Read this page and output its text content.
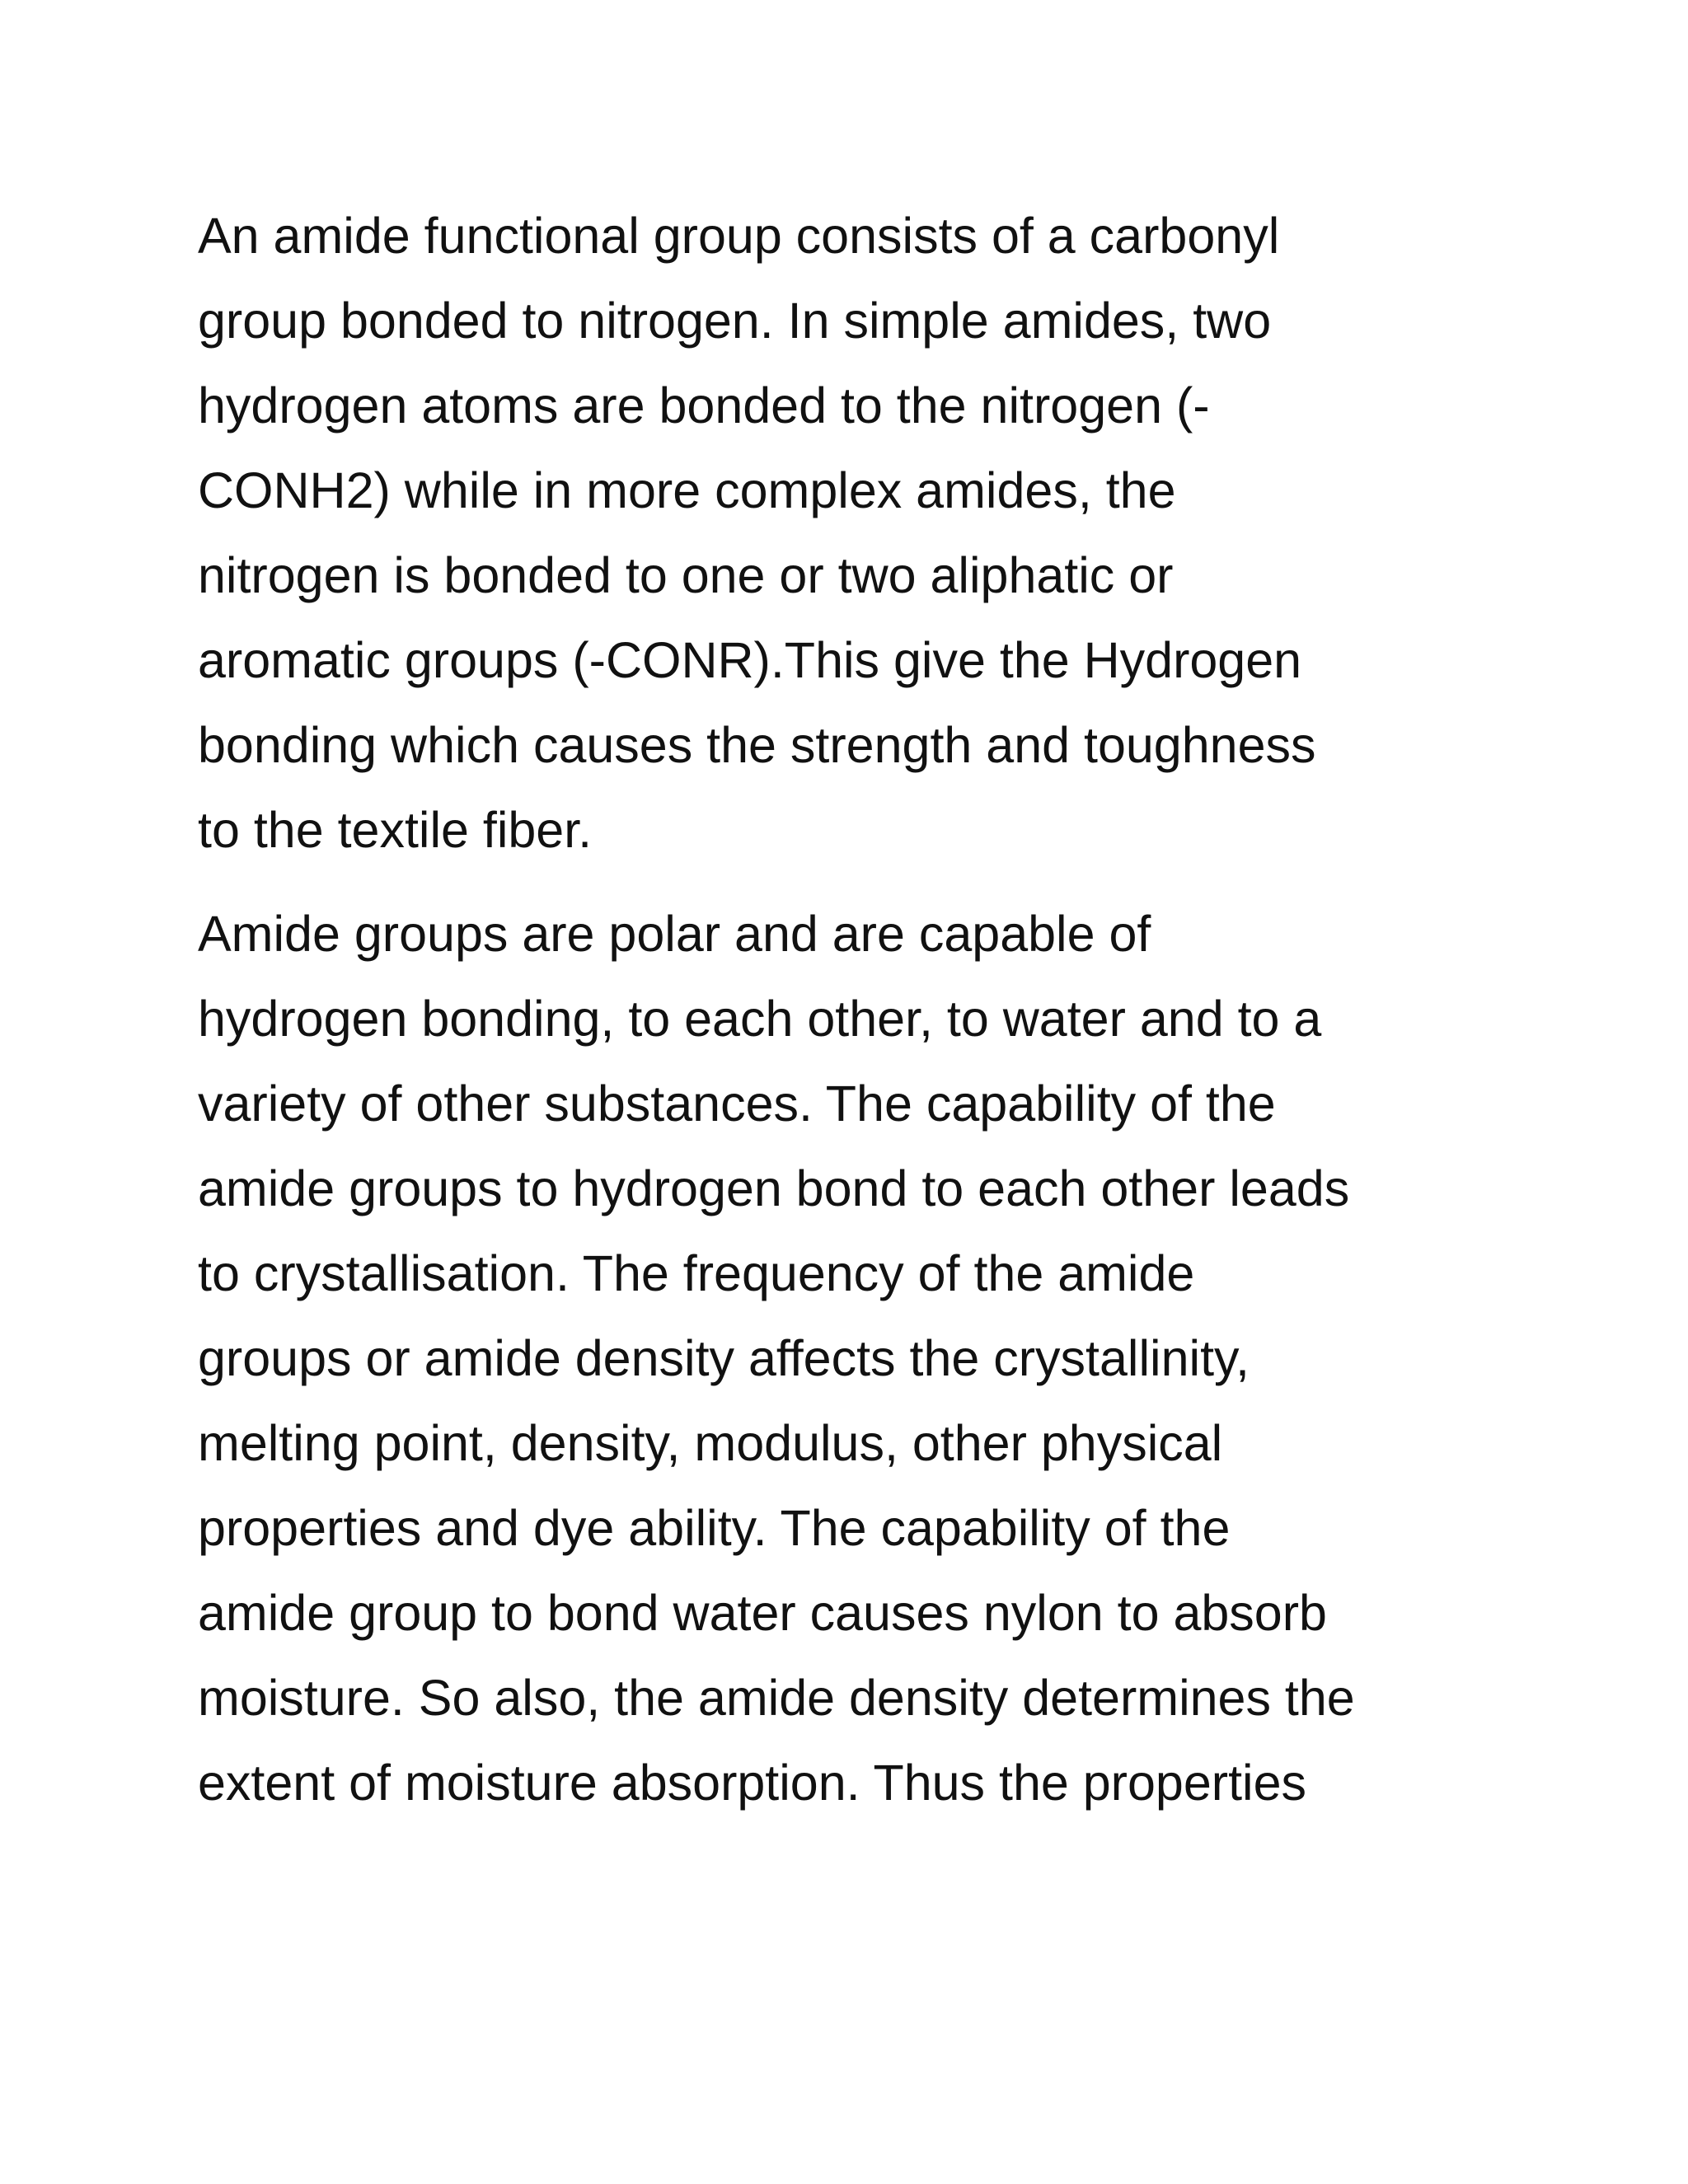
An amide functional group consists of a carbonyl
group bonded to nitrogen. In simple amides, two
hydrogen atoms are bonded to the nitrogen (-
CONH2) while in more complex amides, the
nitrogen is bonded to one or two aliphatic or
aromatic groups (-CONR).This give the Hydrogen
bonding which causes the strength and toughness
to the textile fiber.
Amide groups are polar and are capable of
hydrogen bonding, to each other, to water and to a
variety of other substances. The capability of the
amide groups to hydrogen bond to each other leads
to crystallisation. The frequency of the amide
groups or amide density affects the crystallinity,
melting point, density, modulus, other physical
properties and dye ability. The capability of the
amide group to bond water causes nylon to absorb
moisture. So also, the amide density determines the
extent of moisture absorption. Thus the properties
